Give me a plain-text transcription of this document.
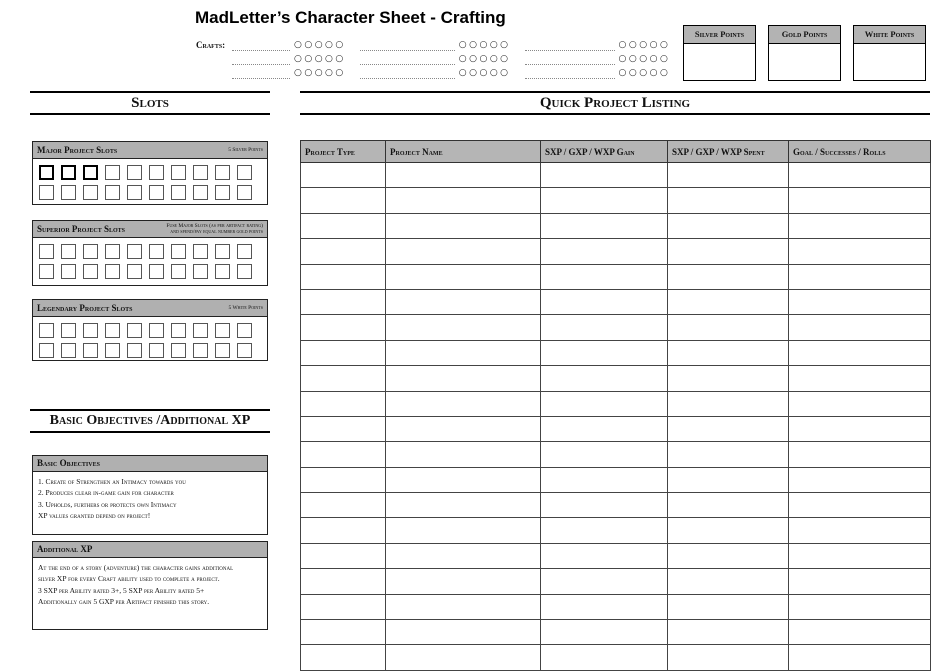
MadLetter’s Character Sheet - Crafting
Crafts:	○○○○○	○○○○○	○○○○○
○○○○○	○○○○○	○○○○○
○○○○○	○○○○○	○○○○○
Silver Points	Gold Points	White Points
Slots	Quick Project Listing
Basic Objectives /Additional XP
Major Project Slots	5 Silver Points
Superior Project Slots	Fuse Major Slots (as per artifact rating)
and spend/pay equal number gold points
Legendary Project Slots	5 White Points
Basic Objectives
1. Create of Strengthen an Intimacy towards you
2. Produces clear in-game gain for character
3. Upholds, furthers or protects own Intimacy
XP values granted depend on project!
Additional XP
At the end of a story (adventure) the character gains additional
silver XP for every Craft ability used to complete a project.
3 SXP per Ability rated 3+, 5 SXP per Ability rated 5+
Additionally gain 5 GXP per Artifact finished this story.
Project Type	Project Name	SXP / GXP / WXP Gain	SXP / GXP / WXP Spent	Goal / Successes / Rolls
